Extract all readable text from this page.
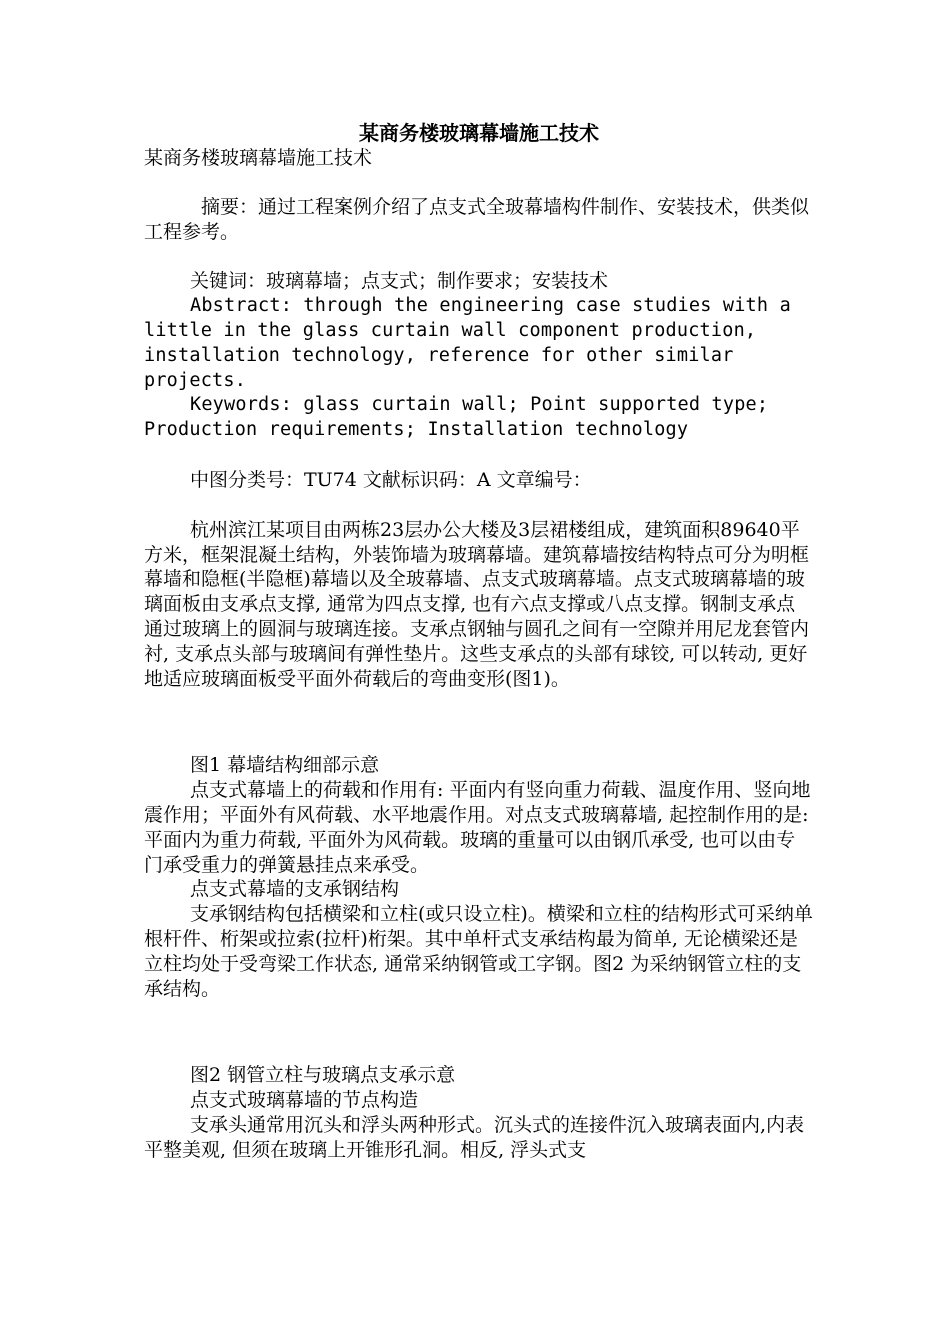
某商务楼玻璃幕墙施工技术

某商务楼玻璃幕墙施工技术

摘要：通过工程案例介绍了点支式全玻幕墙构件制作、安装技术，供类似工程参考。

关键词：玻璃幕墙；点支式；制作要求；安装技术

Abstract: through the engineering case studies with a little in the glass curtain wall component production, installation technology, reference for other similar projects.

Keywords: glass curtain wall; Point supported type; Production requirements; Installation technology

中图分类号：TU74 文献标识码：A 文章编号：

杭州滨江某项目由两栋23层办公大楼及3层裙楼组成，建筑面积89640平方米，框架混凝土结构，外装饰墙为玻璃幕墙。建筑幕墙按结构特点可分为明框幕墙和隐框(半隐框)幕墙以及全玻幕墙、点支式玻璃幕墙。点支式玻璃幕墙的玻璃面板由支承点支撑, 通常为四点支撑, 也有六点支撑或八点支撑。钢制支承点通过玻璃上的圆洞与玻璃连接。支承点钢轴与圆孔之间有一空隙并用尼龙套管内衬, 支承点头部与玻璃间有弹性垫片。这些支承点的头部有球铰, 可以转动, 更好地适应玻璃面板受平面外荷载后的弯曲变形(图1)。

图1 幕墙结构细部示意

点支式幕墙上的荷载和作用有: 平面内有竖向重力荷载、温度作用、竖向地震作用；平面外有风荷载、水平地震作用。对点支式玻璃幕墙, 起控制作用的是: 平面内为重力荷载, 平面外为风荷载。玻璃的重量可以由钢爪承受, 也可以由专门承受重力的弹簧悬挂点来承受。

点支式幕墙的支承钢结构

支承钢结构包括横梁和立柱(或只设立柱)。横梁和立柱的结构形式可采纳单根杆件、桁架或拉索(拉杆)桁架。其中单杆式支承结构最为简单, 无论横梁还是立柱均处于受弯梁工作状态, 通常采纳钢管或工字钢。图2 为采纳钢管立柱的支承结构。

图2 钢管立柱与玻璃点支承示意

点支式玻璃幕墙的节点构造

支承头通常用沉头和浮头两种形式。沉头式的连接件沉入玻璃表面内,内表平整美观, 但须在玻璃上开锥形孔洞。相反, 浮头式支
